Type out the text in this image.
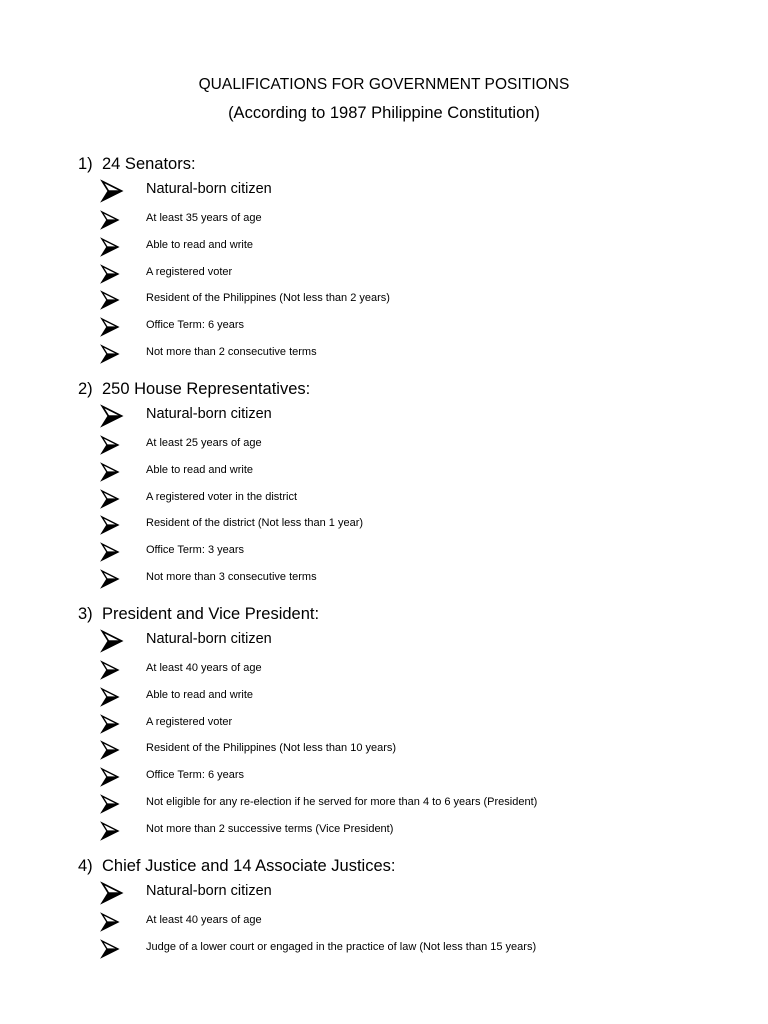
QUALIFICATIONS FOR GOVERNMENT POSITIONS
(According to 1987 Philippine Constitution)
1) 24 Senators:
Natural-born citizen
At least 35 years of age
Able to read and write
A registered voter
Resident of the Philippines (Not less than 2 years)
Office Term: 6 years
Not more than 2 consecutive terms
2) 250 House Representatives:
Natural-born citizen
At least 25 years of age
Able to read and write
A registered voter in the district
Resident of the district (Not less than 1 year)
Office Term: 3 years
Not more than 3 consecutive terms
3) President and Vice President:
Natural-born citizen
At least 40 years of age
Able to read and write
A registered voter
Resident of the Philippines (Not less than 10 years)
Office Term: 6 years
Not eligible for any re-election if he served for more than 4 to 6 years (President)
Not more than 2 successive terms (Vice President)
4) Chief Justice and 14 Associate Justices:
Natural-born citizen
At least 40 years of age
Judge of a lower court or engaged in the practice of law (Not less than 15 years)
